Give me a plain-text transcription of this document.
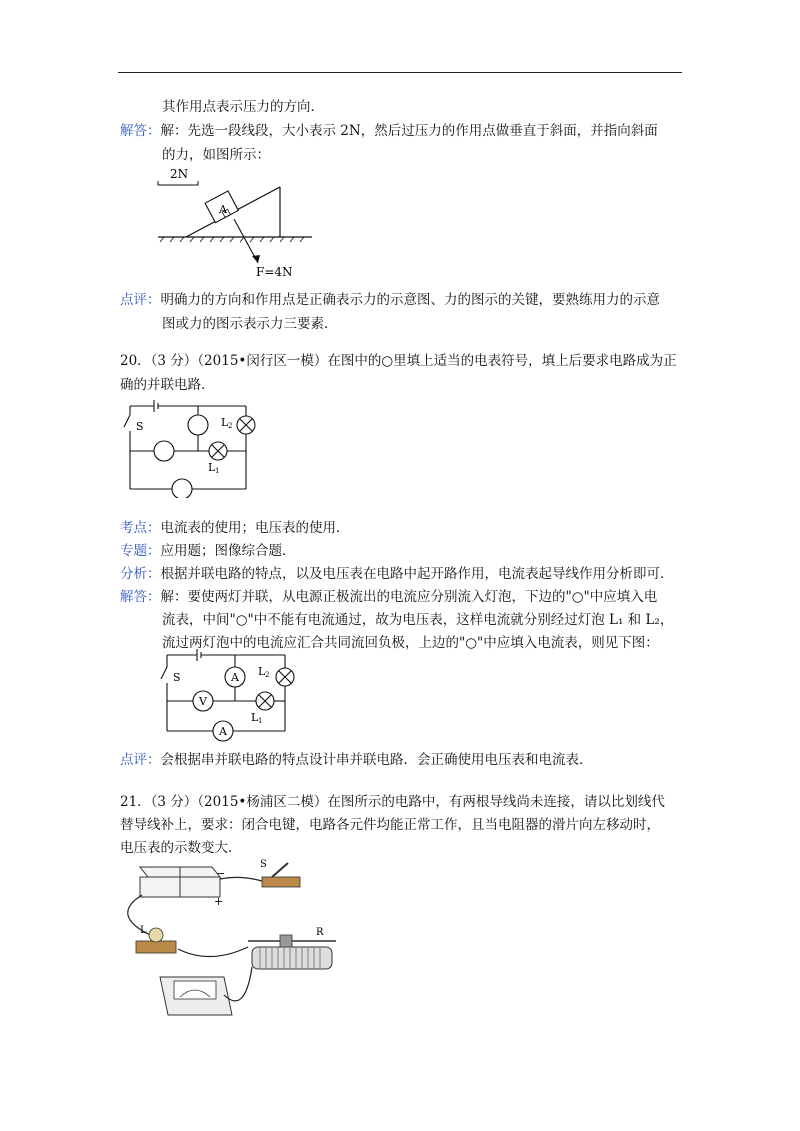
其作用点表示压力的方向．
解答：解：先选一段线段，大小表示 2N，然后过压力的作用点做垂直于斜面，并指向斜面
的力，如图所示：
2N
A
F=4N
点评：明确力的方向和作用点是正确表示力的示意图、力的图示的关键，要熟练用力的示意
图或力的图示表示力三要素．
20．（3 分）（2015•闵行区一模）在图中的○里填上适当的电表符号，填上后要求电路成为正
确的并联电路．
S	L 2
L 1
考点：电流表的使用；电压表的使用．
专题：应用题；图像综合题．
分析：根据并联电路的特点，以及电压表在电路中起开路作用，电流表起导线作用分析即可．
解答：解：要使两灯并联，从电源正极流出的电流应分别流入灯泡，下边的"○"中应填入电
流表，中间"○"中不能有电流通过，故为电压表，这样电流就分别经过灯泡 L₁ 和 L₂，
流过两灯泡中的电流应汇合共同流回负极，上边的"○"中应填入电流表，则见下图：
A
V
A
S	L 2
L 1
点评：会根据串并联电路的特点设计串并联电路．会正确使用电压表和电流表．
21．（3 分）（2015•杨浦区二模）在图所示的电路中，有两根导线尚未连接，请以比划线代
替导线补上，要求：闭合电键，电路各元件均能正常工作，且当电阻器的滑片向左移动时，
电压表的示数变大．
−
+
S
L	R
